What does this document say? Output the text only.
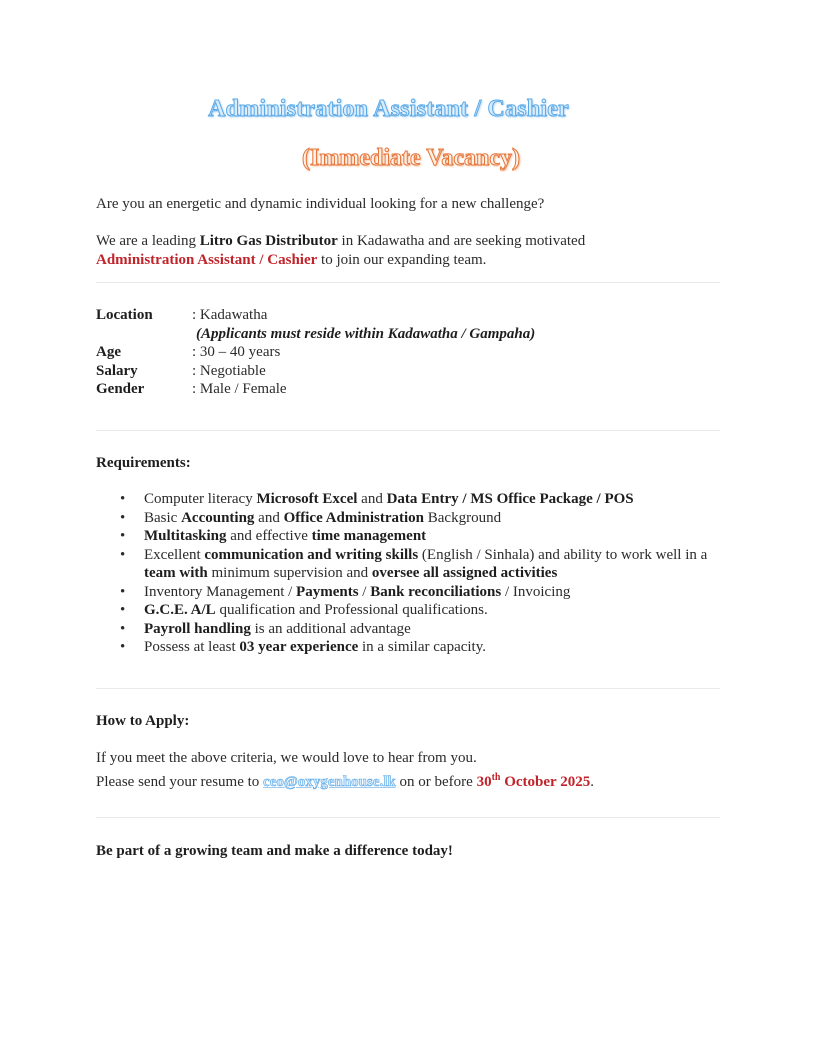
Administration Assistant / Cashier
(Immediate Vacancy)

Are you an energetic and dynamic individual looking for a new challenge?

We are a leading Litro Gas Distributor in Kadawatha and are seeking motivated
Administration Assistant / Cashier to join our expanding team.

Location	: Kadawatha
(Applicants must reside within Kadawatha / Gampaha)
Age	: 30 – 40 years
Salary	: Negotiable
Gender	: Male / Female

Requirements:

• Computer literacy Microsoft Excel and Data Entry / MS Office Package / POS
• Basic Accounting and Office Administration Background
• Multitasking and effective time management
• Excellent communication and writing skills (English / Sinhala) and ability to work well in a team with minimum supervision and oversee all assigned activities
• Inventory Management / Payments / Bank reconciliations / Invoicing
• G.C.E. A/L qualification and Professional qualifications.
• Payroll handling is an additional advantage
• Possess at least 03 year experience in a similar capacity.

How to Apply:

If you meet the above criteria, we would love to hear from you.

Please send your resume to ceo@oxygenhouse.lk on or before 30th October 2025.

Be part of a growing team and make a difference today!
